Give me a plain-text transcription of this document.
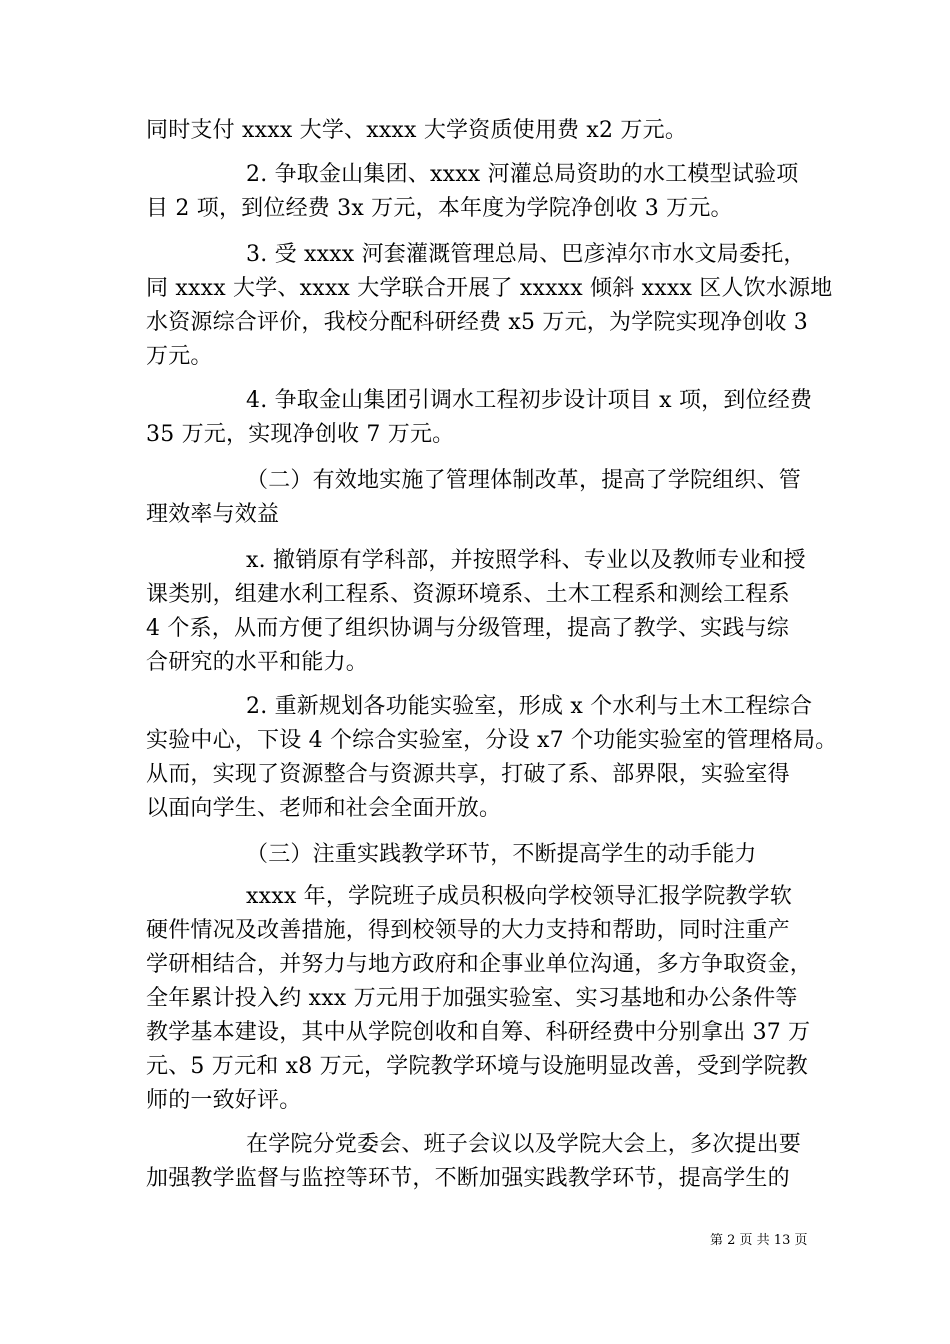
同时支付 xxxx 大学、xxxx 大学资质使用费 x2 万元。
2. 争取金山集团、xxxx 河灌总局资助的水工模型试验项
目 2 项，到位经费 3x 万元，本年度为学院净创收 3 万元。
3. 受 xxxx 河套灌溉管理总局、巴彦淖尔市水文局委托，
同 xxxx 大学、xxxx 大学联合开展了 xxxxx 倾斜 xxxx 区人饮水源地
水资源综合评价，我校分配科研经费 x5 万元，为学院实现净创收 3
万元。
4. 争取金山集团引调水工程初步设计项目 x 项，到位经费
35 万元，实现净创收 7 万元。
（二）有效地实施了管理体制改革，提高了学院组织、管
理效率与效益
x. 撤销原有学科部，并按照学科、专业以及教师专业和授
课类别，组建水利工程系、资源环境系、土木工程系和测绘工程系
4 个系，从而方便了组织协调与分级管理，提高了教学、实践与综
合研究的水平和能力。
2. 重新规划各功能实验室，形成 x 个水利与土木工程综合
实验中心，下设 4 个综合实验室，分设 x7 个功能实验室的管理格局。
从而，实现了资源整合与资源共享，打破了系、部界限，实验室得
以面向学生、老师和社会全面开放。
（三）注重实践教学环节，不断提高学生的动手能力
xxxx 年，学院班子成员积极向学校领导汇报学院教学软
硬件情况及改善措施，得到校领导的大力支持和帮助，同时注重产
学研相结合，并努力与地方政府和企事业单位沟通，多方争取资金，
全年累计投入约 xxx 万元用于加强实验室、实习基地和办公条件等
教学基本建设，其中从学院创收和自筹、科研经费中分别拿出 37 万
元、5 万元和 x8 万元，学院教学环境与设施明显改善，受到学院教
师的一致好评。
在学院分党委会、班子会议以及学院大会上，多次提出要
加强教学监督与监控等环节，不断加强实践教学环节，提高学生的
第 2 页 共 13 页
